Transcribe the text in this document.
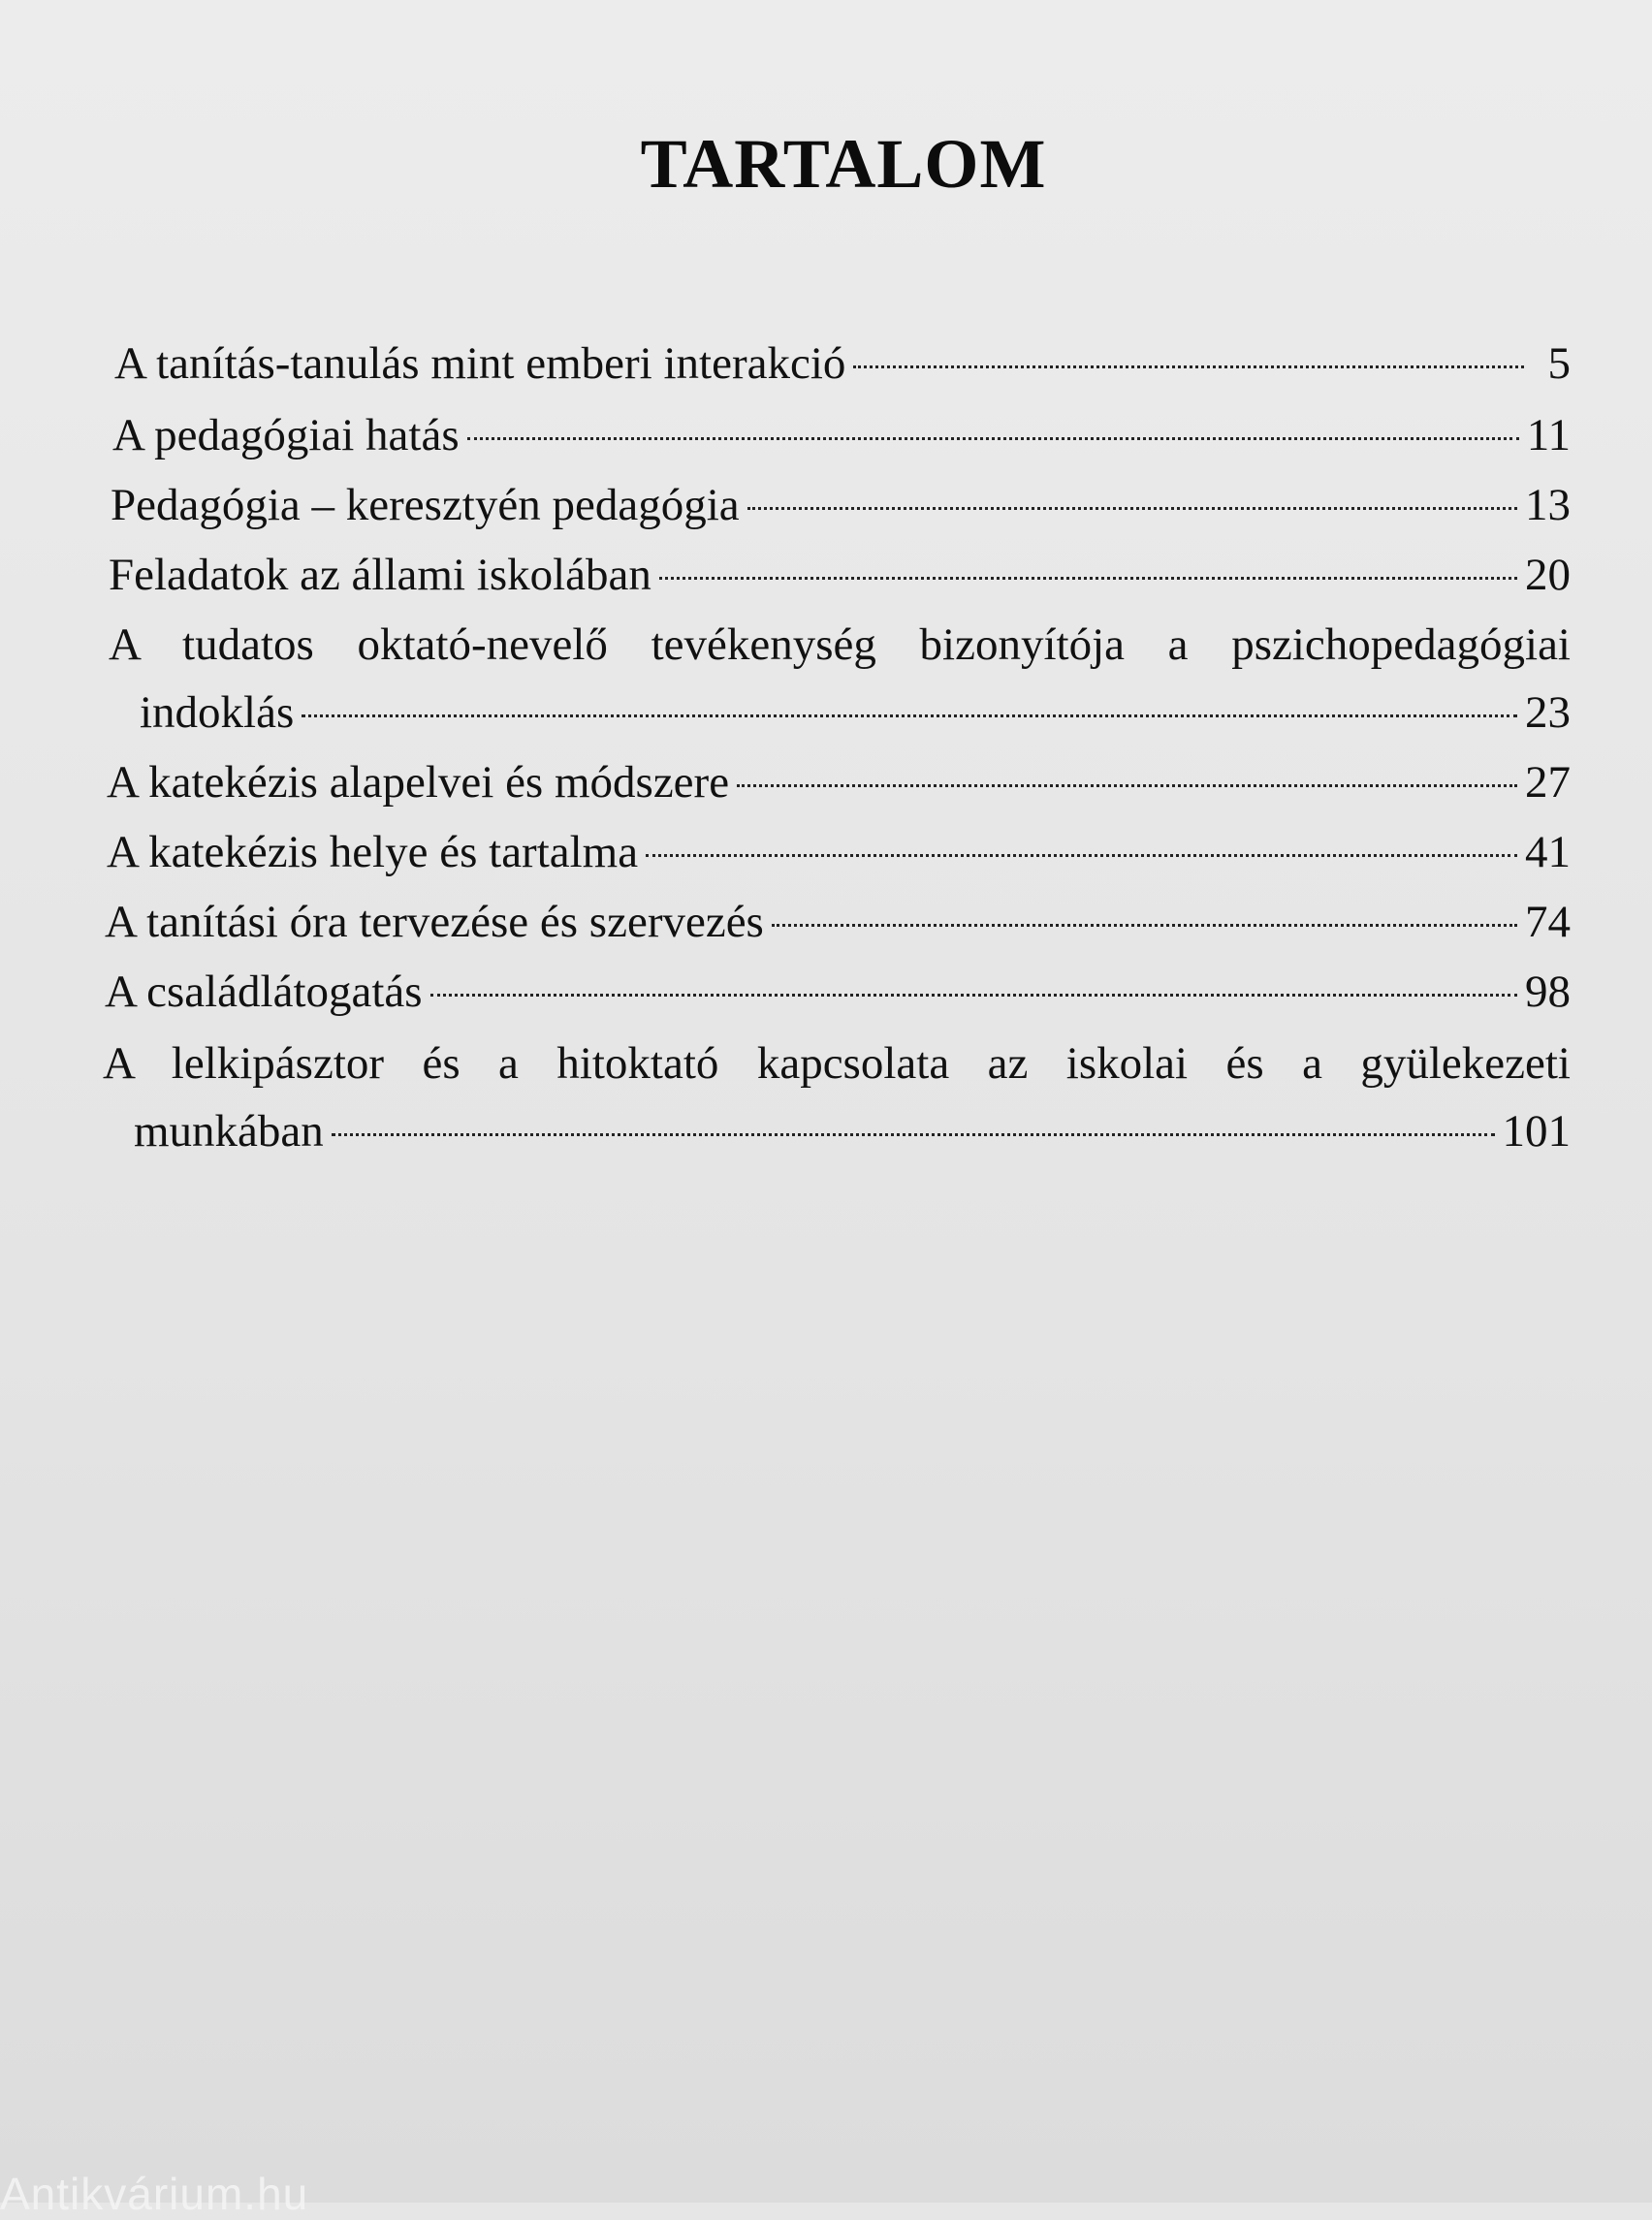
TARTALOM
A tanítás-tanulás mint emberi interakció	5
A pedagógiai hatás	11
Pedagógia – keresztyén pedagógia	13
Feladatok az állami iskolában	20
A tudatos oktató-nevelő tevékenység bizonyítója a pszichopedagógiai
indoklás	23
A katekézis alapelvei és módszere	27
A katekézis helye és tartalma	41
A tanítási óra tervezése és szervezés	74
A családlátogatás	98
A lelkipásztor és a hitoktató kapcsolata az iskolai és a gyülekezeti
munkában	101
Antikvárium.hu
